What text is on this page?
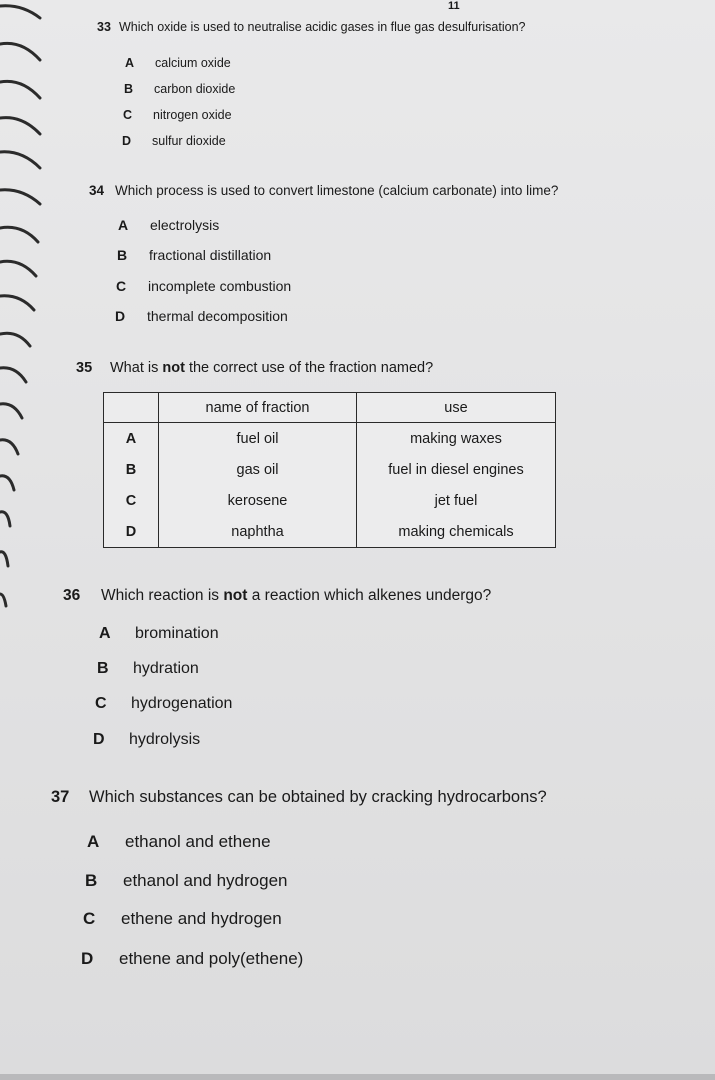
11
33 Which oxide is used to neutralise acidic gases in flue gas desulfurisation?
A calcium oxide
B carbon dioxide
C nitrogen oxide
D sulfur dioxide
34 Which process is used to convert limestone (calcium carbonate) into lime?
A electrolysis
B fractional distillation
C incomplete combustion
D thermal decomposition
35 What is not the correct use of the fraction named?
	name of fraction	use
A	fuel oil	making waxes
B	gas oil	fuel in diesel engines
C	kerosene	jet fuel
D	naphtha	making chemicals
36 Which reaction is not a reaction which alkenes undergo?
A bromination
B hydration
C hydrogenation
D hydrolysis
37 Which substances can be obtained by cracking hydrocarbons?
A ethanol and ethene
B ethanol and hydrogen
C ethene and hydrogen
D ethene and poly(ethene)
